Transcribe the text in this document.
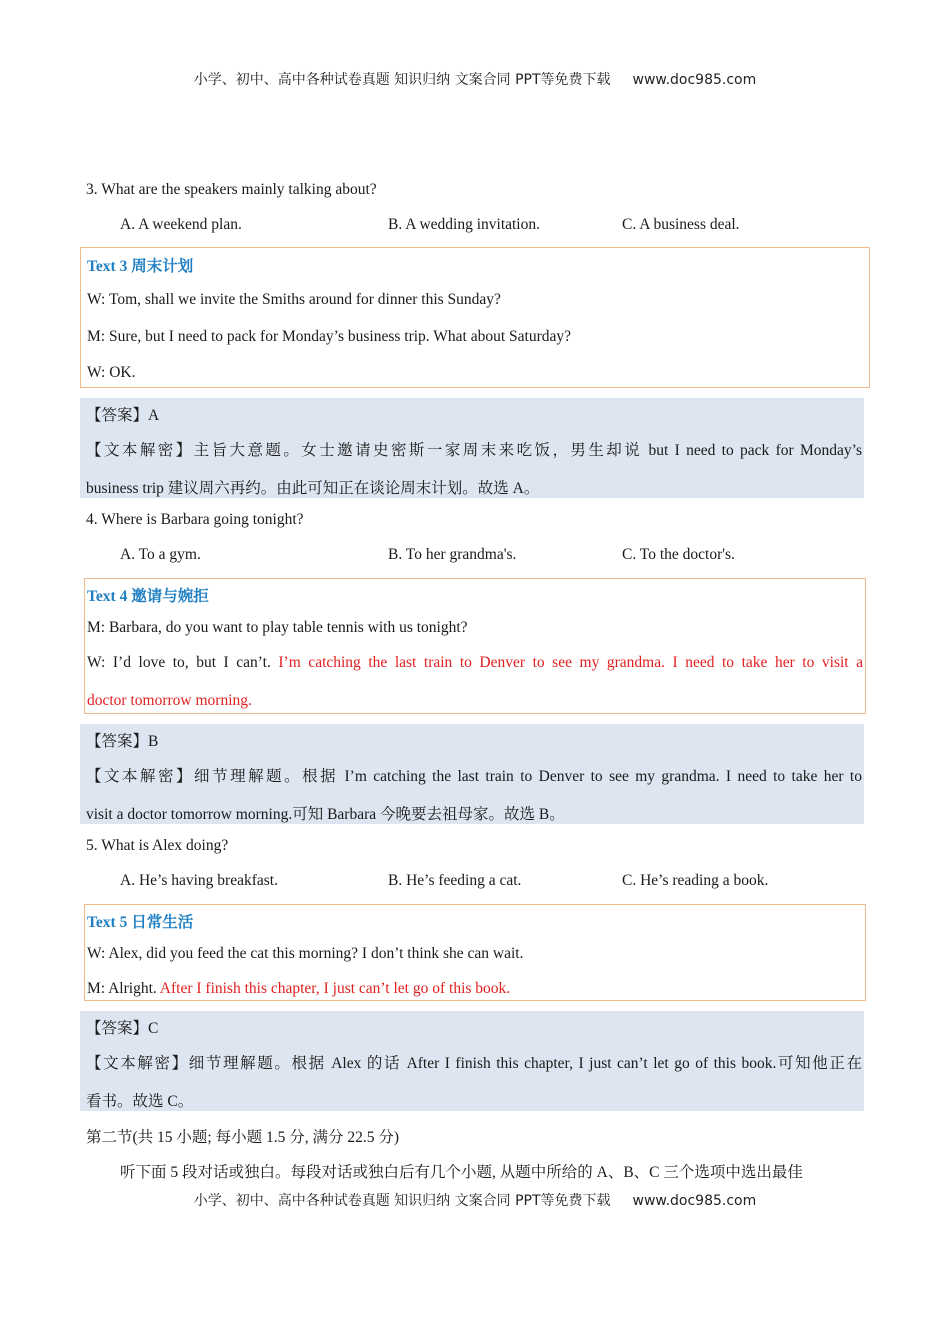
小学、初中、高中各种试卷真题 知识归纳 文案合同 PPT等免费下载 www.doc985.com
3. What are the speakers mainly talking about?
A. A weekend plan.	B. A wedding invitation.	C. A business deal.
Text 3 周末计划
W: Tom, shall we invite the Smiths around for dinner this Sunday?
M: Sure, but I need to pack for Monday’s business trip. What about Saturday?
W: OK.
【答案】A
【文本解密】主旨大意题。女士邀请史密斯一家周末来吃饭，男生却说 but I need to pack for Monday’s
business trip 建议周六再约。由此可知正在谈论周末计划。故选 A。
4. Where is Barbara going tonight?
A. To a gym.	B. To her grandma's.	C. To the doctor's.
Text 4 邀请与婉拒
M: Barbara, do you want to play table tennis with us tonight?
W: I’d love to, but I can’t. I’m catching the last train to Denver to see my grandma. I need to take her to visit a
doctor tomorrow morning.
【答案】B
【文本解密】细节理解题。根据 I’m catching the last train to Denver to see my grandma. I need to take her to
visit a doctor tomorrow morning.可知 Barbara 今晚要去祖母家。故选 B。
5. What is Alex doing?
A. He’s having breakfast.	B. He’s feeding a cat.	C. He’s reading a book.
Text 5 日常生活
W: Alex, did you feed the cat this morning? I don’t think she can wait.
M: Alright. After I finish this chapter, I just can’t let go of this book.
【答案】C
【文本解密】细节理解题。根据 Alex 的话 After I finish this chapter, I just can’t let go of this book.可知他正在
看书。故选 C。
第二节(共 15 小题; 每小题 1.5 分, 满分 22.5 分)
听下面 5 段对话或独白。每段对话或独白后有几个小题, 从题中所给的 A、B、C 三个选项中选出最佳
小学、初中、高中各种试卷真题 知识归纳 文案合同 PPT等免费下载 www.doc985.com
